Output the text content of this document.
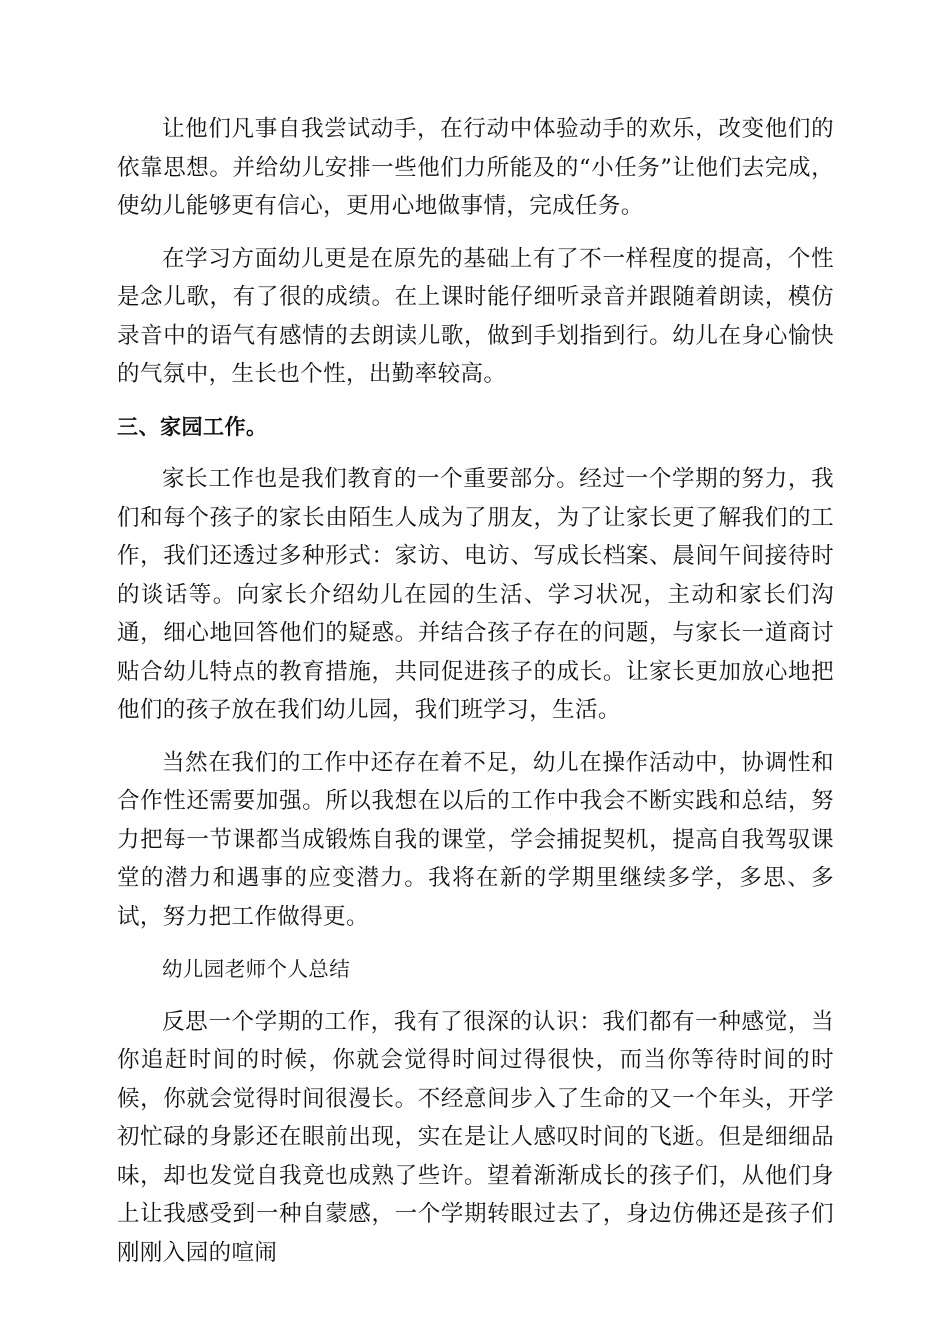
让他们凡事自我尝试动手，在行动中体验动手的欢乐，改变他们的依靠思想。并给幼儿安排一些他们力所能及的“小任务”让他们去完成，使幼儿能够更有信心，更用心地做事情，完成任务。

在学习方面幼儿更是在原先的基础上有了不一样程度的提高，个性是念儿歌，有了很的成绩。在上课时能仔细听录音并跟随着朗读，模仿录音中的语气有感情的去朗读儿歌，做到手划指到行。幼儿在身心愉快的气氛中，生长也个性，出勤率较高。

三、家园工作。

家长工作也是我们教育的一个重要部分。经过一个学期的努力，我们和每个孩子的家长由陌生人成为了朋友，为了让家长更了解我们的工作，我们还透过多种形式：家访、电访、写成长档案、晨间午间接待时的谈话等。向家长介绍幼儿在园的生活、学习状况，主动和家长们沟通，细心地回答他们的疑惑。并结合孩子存在的问题，与家长一道商讨贴合幼儿特点的教育措施，共同促进孩子的成长。让家长更加放心地把他们的孩子放在我们幼儿园，我们班学习，生活。

当然在我们的工作中还存在着不足，幼儿在操作活动中，协调性和合作性还需要加强。所以我想在以后的工作中我会不断实践和总结，努力把每一节课都当成锻炼自我的课堂，学会捕捉契机，提高自我驾驭课堂的潜力和遇事的应变潜力。我将在新的学期里继续多学，多思、多试，努力把工作做得更。

幼儿园老师个人总结

反思一个学期的工作，我有了很深的认识：我们都有一种感觉，当你追赶时间的时候，你就会觉得时间过得很快，而当你等待时间的时候，你就会觉得时间很漫长。不经意间步入了生命的又一个年头，开学初忙碌的身影还在眼前出现，实在是让人感叹时间的飞逝。但是细细品味，却也发觉自我竟也成熟了些许。望着渐渐成长的孩子们，从他们身上让我感受到一种自蒙感，一个学期转眼过去了，身边仿佛还是孩子们刚刚入园的喧闹
